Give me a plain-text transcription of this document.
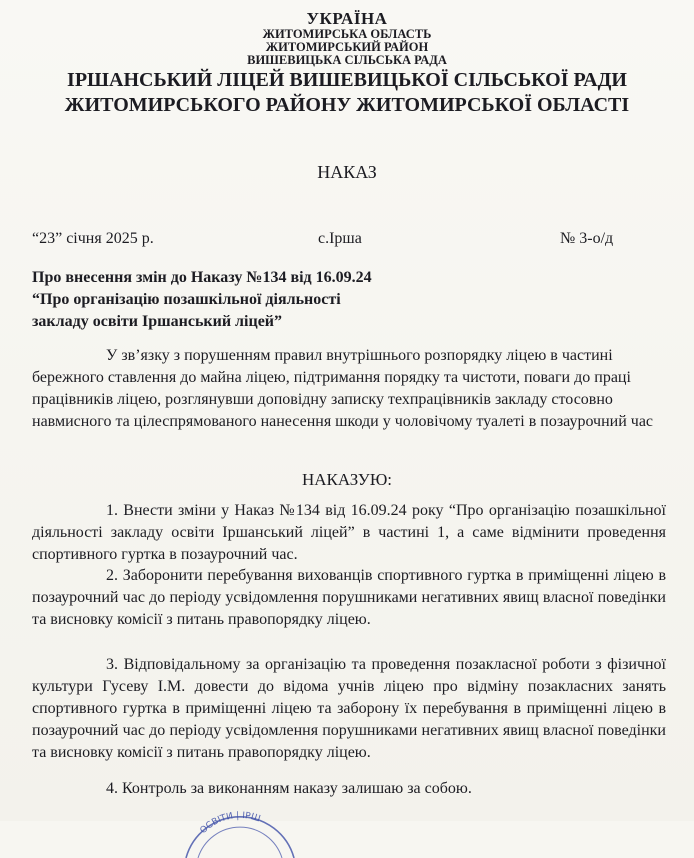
УКРАЇНА
ЖИТОМИРСЬКА ОБЛАСТЬ
ЖИТОМИРСЬКИЙ РАЙОН
ВИШЕВИЦЬКА СІЛЬСЬКА РАДА
ІРШАНСЬКИЙ ЛІЦЕЙ ВИШЕВИЦЬКОЇ СІЛЬСЬКОЇ РАДИ
ЖИТОМИРСЬКОГО РАЙОНУ ЖИТОМИРСЬКОЇ ОБЛАСТІ
НАКАЗ
“23” січня 2025 р.	с.Ірша	№ 3-о/д
Про внесення змін до Наказу №134 від 16.09.24
“Про організацію позашкільної діяльності
закладу освіти Іршанський ліцей”
У зв’язку з порушенням правил внутрішнього розпорядку ліцею в частині бережного ставлення до майна ліцею, підтримання порядку та чистоти, поваги до праці працівників ліцею, розглянувши доповідну записку техпрацівників закладу стосовно навмисного та цілеспрямованого нанесення шкоди у чоловічому туалеті в позаурочний час
НАКАЗУЮ:
1. Внести зміни у Наказ №134 від 16.09.24 року “Про організацію позашкільної діяльності закладу освіти Іршанський ліцей” в частині 1, а саме відмінити проведення спортивного гуртка в позаурочний час.
2. Заборонити перебування вихованців спортивного гуртка в приміщенні ліцею в позаурочний час до періоду усвідомлення порушниками негативних явищ власної поведінки та висновку комісії з питань правопорядку ліцею.
3. Відповідальному за організацію та проведення позакласної роботи з фізичної культури Гусеву І.М. довести до відома учнів ліцею про відміну позакласних занять спортивного гуртка в приміщенні ліцею та заборону їх перебування в приміщенні ліцею в позаурочний час до періоду усвідомлення порушниками негативних явищ власної поведінки та висновку комісії з питань правопорядку ліцею.
4. Контроль за виконанням наказу залишаю за собою.
ОСВІТИ | ІРШ
